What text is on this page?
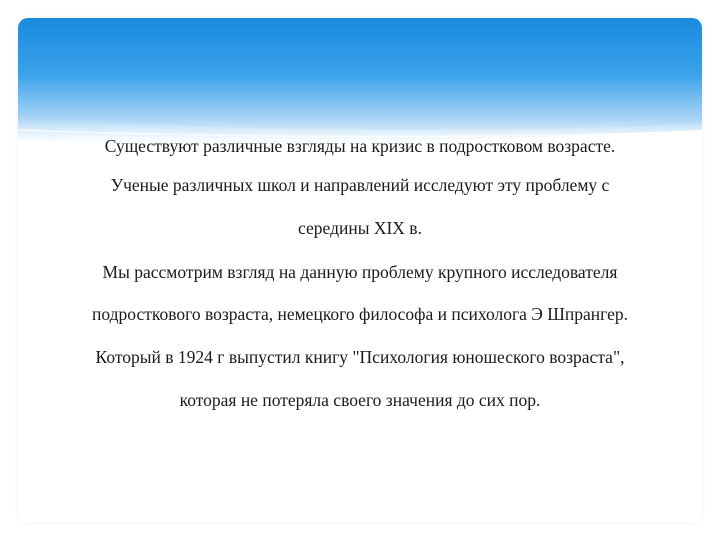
Существуют различные взгляды на кризис в подростковом возрасте.
Ученые различных школ и направлений исследуют эту проблему с
середины XIX в.
Мы рассмотрим взгляд на данную проблему крупного исследователя
подросткового возраста, немецкого философа и психолога Э Шпрангер.
Который в 1924 г выпустил книгу "Психология юношеского возраста",
которая не потеряла своего значения до сих пор.
